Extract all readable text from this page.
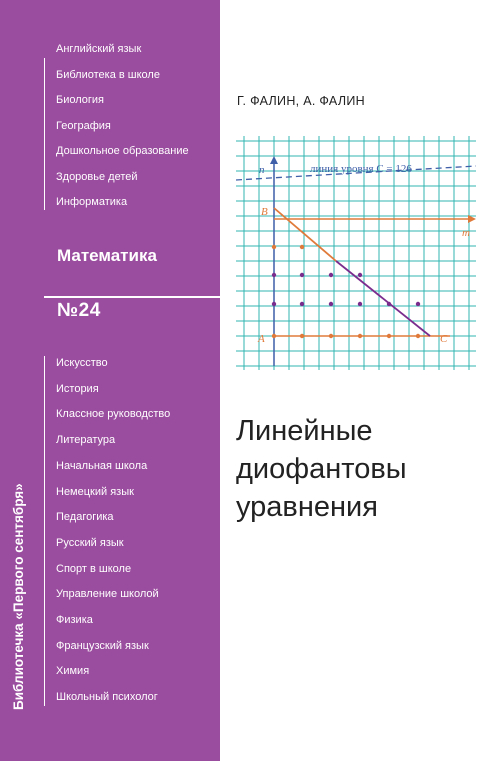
Английский язык
Библиотека в школе
Биология
География
Дошкольное образование
Здоровье детей
Информатика
Математика
№24
Искусство
История
Классное руководство
Литература
Начальная школа
Немецкий язык
Педагогика
Русский язык
Спорт в школе
Управление школой
Физика
Французский язык
Химия
Школьный психолог
Библиотечка «Первого сентября»
Г. ФАЛИН, А. ФАЛИН
n
m
B
A	C
линия уровня C = 126
Линейные
диофантовы
уравнения
